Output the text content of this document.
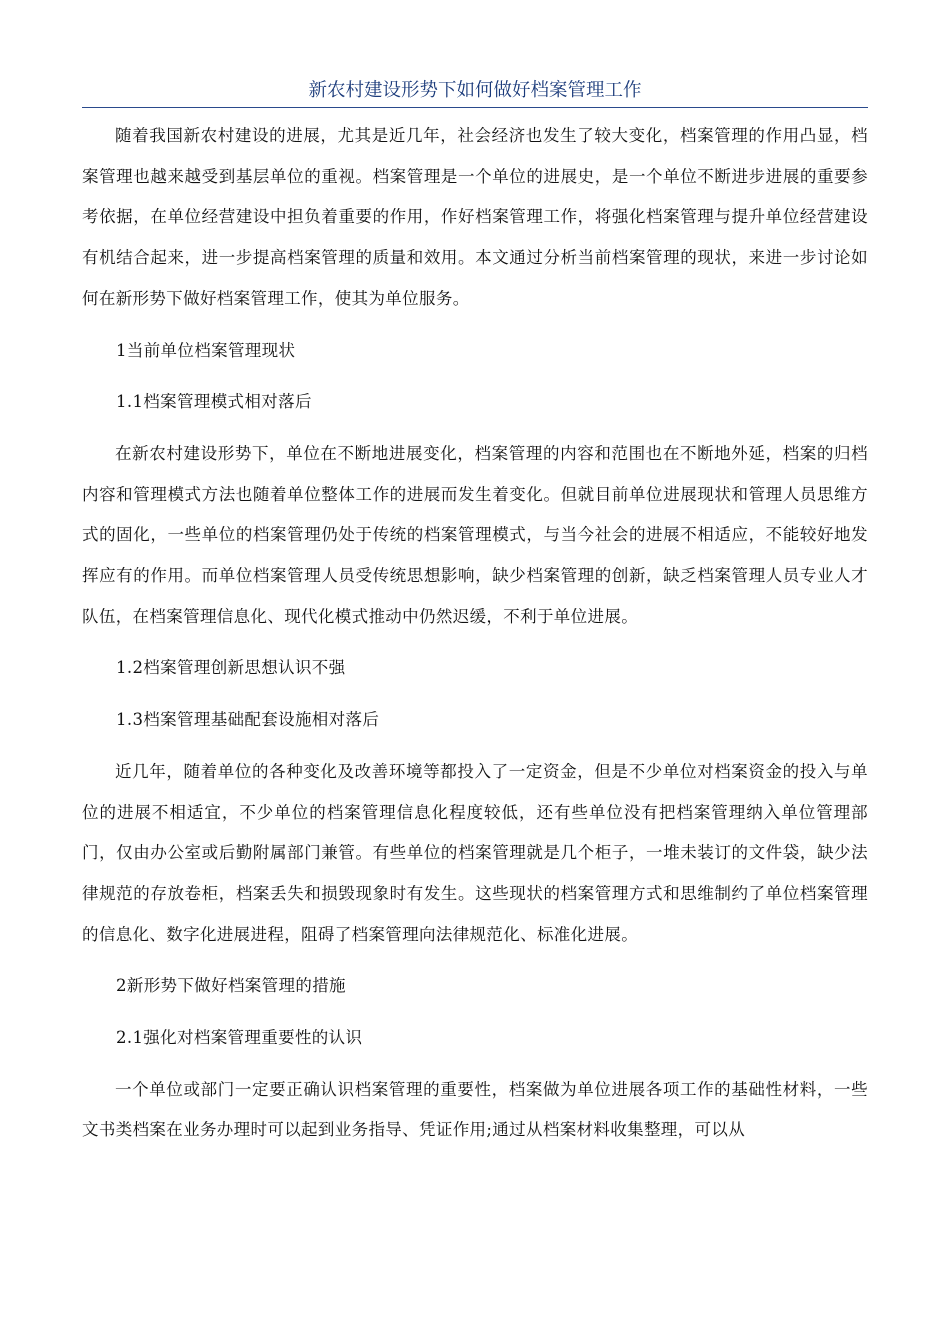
新农村建设形势下如何做好档案管理工作

随着我国新农村建设的进展，尤其是近几年，社会经济也发生了较大变化，档案管理的作用凸显，档案管理也越来越受到基层单位的重视。档案管理是一个单位的进展史，是一个单位不断进步进展的重要参考依据，在单位经营建设中担负着重要的作用，作好档案管理工作，将强化档案管理与提升单位经营建设有机结合起来，进一步提高档案管理的质量和效用。本文通过分析当前档案管理的现状，来进一步讨论如何在新形势下做好档案管理工作，使其为单位服务。

1当前单位档案管理现状

1.1档案管理模式相对落后

在新农村建设形势下，单位在不断地进展变化，档案管理的内容和范围也在不断地外延，档案的归档内容和管理模式方法也随着单位整体工作的进展而发生着变化。但就目前单位进展现状和管理人员思维方式的固化，一些单位的档案管理仍处于传统的档案管理模式，与当今社会的进展不相适应，不能较好地发挥应有的作用。而单位档案管理人员受传统思想影响，缺少档案管理的创新，缺乏档案管理人员专业人才队伍，在档案管理信息化、现代化模式推动中仍然迟缓，不利于单位进展。

1.2档案管理创新思想认识不强

1.3档案管理基础配套设施相对落后

近几年，随着单位的各种变化及改善环境等都投入了一定资金，但是不少单位对档案资金的投入与单位的进展不相适宜，不少单位的档案管理信息化程度较低，还有些单位没有把档案管理纳入单位管理部门，仅由办公室或后勤附属部门兼管。有些单位的档案管理就是几个柜子，一堆未装订的文件袋，缺少法律规范的存放卷柜，档案丢失和损毁现象时有发生。这些现状的档案管理方式和思维制约了单位档案管理的信息化、数字化进展进程，阻碍了档案管理向法律规范化、标准化进展。

2新形势下做好档案管理的措施

2.1强化对档案管理重要性的认识

一个单位或部门一定要正确认识档案管理的重要性，档案做为单位进展各项工作的基础性材料，一些文书类档案在业务办理时可以起到业务指导、凭证作用;通过从档案材料收集整理，可以从
